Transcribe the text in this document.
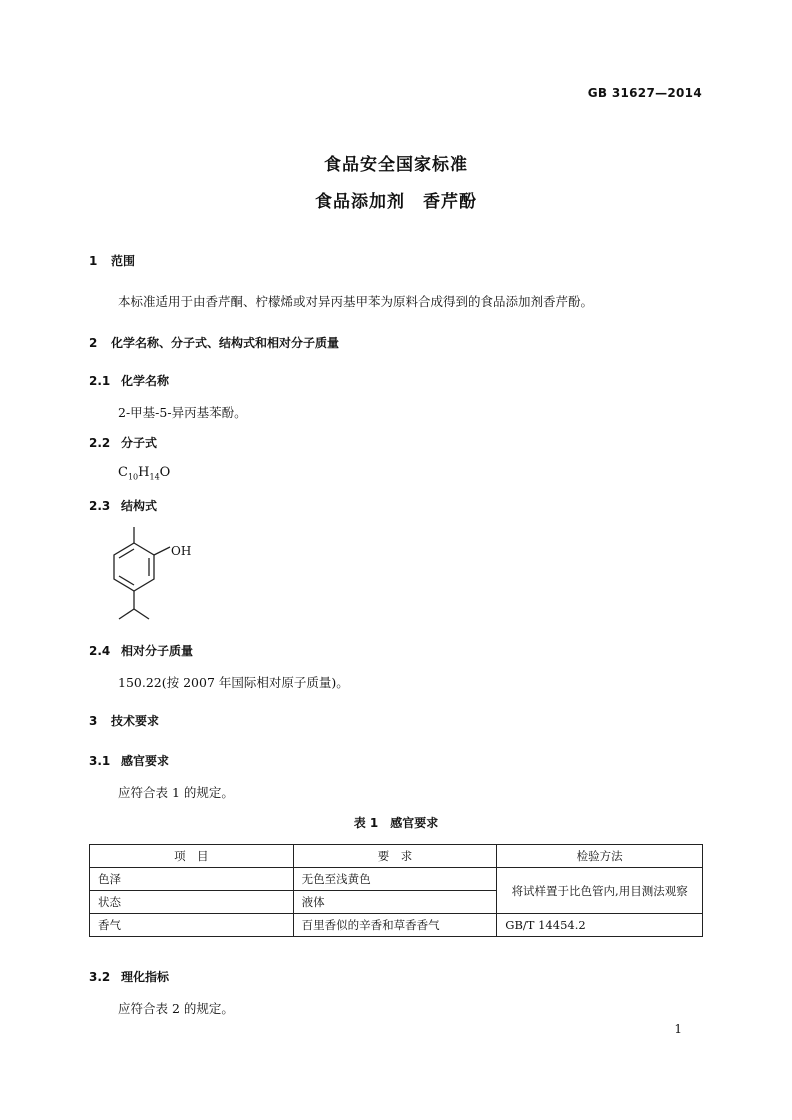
GB 31627—2014
食品安全国家标准
食品添加剂　香芹酚
1 范围
本标准适用于由香芹酮、柠檬烯或对异丙基甲苯为原料合成得到的食品添加剂香芹酚。
2 化学名称、分子式、结构式和相对分子质量
2.1 化学名称
2-甲基-5-异丙基苯酚。
2.2 分子式
$C_{10}H_{14}O$
2.3 结构式
OH
2.4 相对分子质量
150.22(按 2007 年国际相对原子质量)。
3 技术要求
3.1 感官要求
应符合表 1 的规定。
表 1　感官要求
项　目	要　求	检验方法
色泽	无色至浅黄色	将试样置于比色管内,用目测法观察
状态	液体	
香气	百里香似的辛香和草香香气	GB/T 14454.2
3.2 理化指标
应符合表 2 的规定。
1
